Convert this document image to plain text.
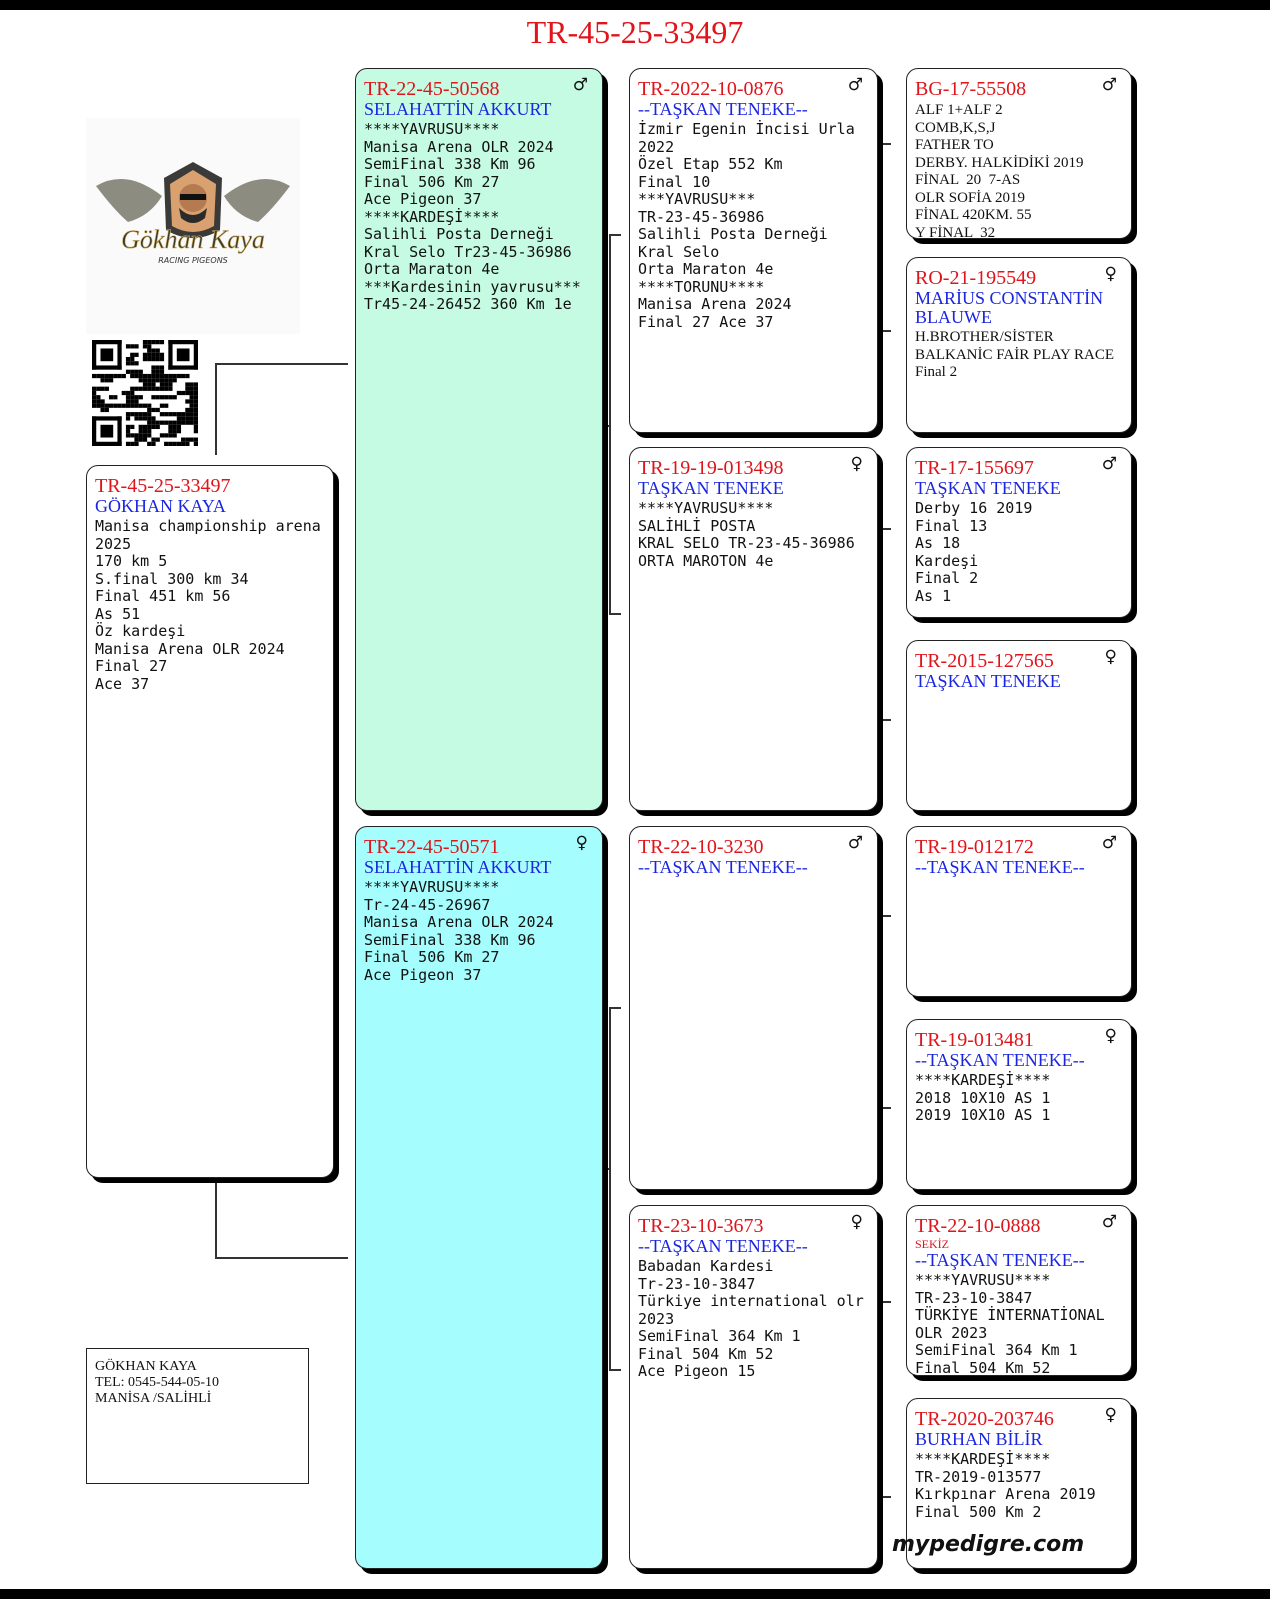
TR-45-25-33497
Gökhan Kaya
RACING PIGEONS
TR-45-25-33497
GÖKHAN KAYA
Manisa championship arena
2025
170 km 5
S.final 300 km 34
Final 451 km 56
As 51
Öz kardeşi
Manisa Arena OLR 2024
Final 27
Ace 37
♂
TR-22-45-50568
SELAHATTİN AKKURT
****YAVRUSU****
Manisa Arena OLR 2024
SemiFinal 338 Km 96
Final 506 Km 27
Ace Pigeon 37
****KARDEŞİ****
Salihli Posta Derneği
Kral Selo Tr23-45-36986
Orta Maraton 4e
***Kardesinin yavrusu***
Tr45-24-26452 360 Km 1e
♀
TR-22-45-50571
SELAHATTİN AKKURT
****YAVRUSU****
Tr-24-45-26967
Manisa Arena OLR 2024
SemiFinal 338 Km 96
Final 506 Km 27
Ace Pigeon 37
♂
TR-2022-10-0876
--TAŞKAN TENEKE--
İzmir Egenin İncisi Urla
2022
Özel Etap 552 Km
Final 10
***YAVRUSU***
TR-23-45-36986
Salihli Posta Derneği
Kral Selo
Orta Maraton 4e
****TORUNU****
Manisa Arena 2024
Final 27 Ace 37
♀
TR-19-19-013498
TAŞKAN TENEKE
****YAVRUSU****
SALİHLİ POSTA
KRAL SELO TR-23-45-36986
ORTA MAROTON 4e
♂
TR-22-10-3230
--TAŞKAN TENEKE--
♀
TR-23-10-3673
--TAŞKAN TENEKE--
Babadan Kardesi
Tr-23-10-3847
Türkiye international olr
2023
SemiFinal 364 Km 1
Final 504 Km 52
Ace Pigeon 15
♂
BG-17-55508
ALF 1+ALF 2
COMB,K,S,J
FATHER TO
DERBY. HALKİDİKİ 2019
FİNAL  20  7-AS
OLR SOFİA 2019
FİNAL 420KM. 55
Y FİNAL  32
♀
RO-21-195549
MARİUS CONSTANTİN
BLAUWE
H.BROTHER/SİSTER
BALKANİC FAİR PLAY RACE
Final 2
♂
TR-17-155697
TAŞKAN TENEKE
Derby 16 2019
Final 13
As 18
Kardeşi
Final 2
As 1
♀
TR-2015-127565
TAŞKAN TENEKE
♂
TR-19-012172
--TAŞKAN TENEKE--
♀
TR-19-013481
--TAŞKAN TENEKE--
****KARDEŞİ****
2018 10X10 AS 1
2019 10X10 AS 1
♂
TR-22-10-0888
SEKİZ
--TAŞKAN TENEKE--
****YAVRUSU****
TR-23-10-3847
TÜRKİYE İNTERNATİONAL
OLR 2023
SemiFinal 364 Km 1
Final 504 Km 52
♀
TR-2020-203746
BURHAN BİLİR
****KARDEŞİ****
TR-2019-013577
Kırkpınar Arena 2019
Final 500 Km 2
GÖKHAN KAYA
TEL: 0545-544-05-10
MANİSA /SALİHLİ
mypedigre.com
